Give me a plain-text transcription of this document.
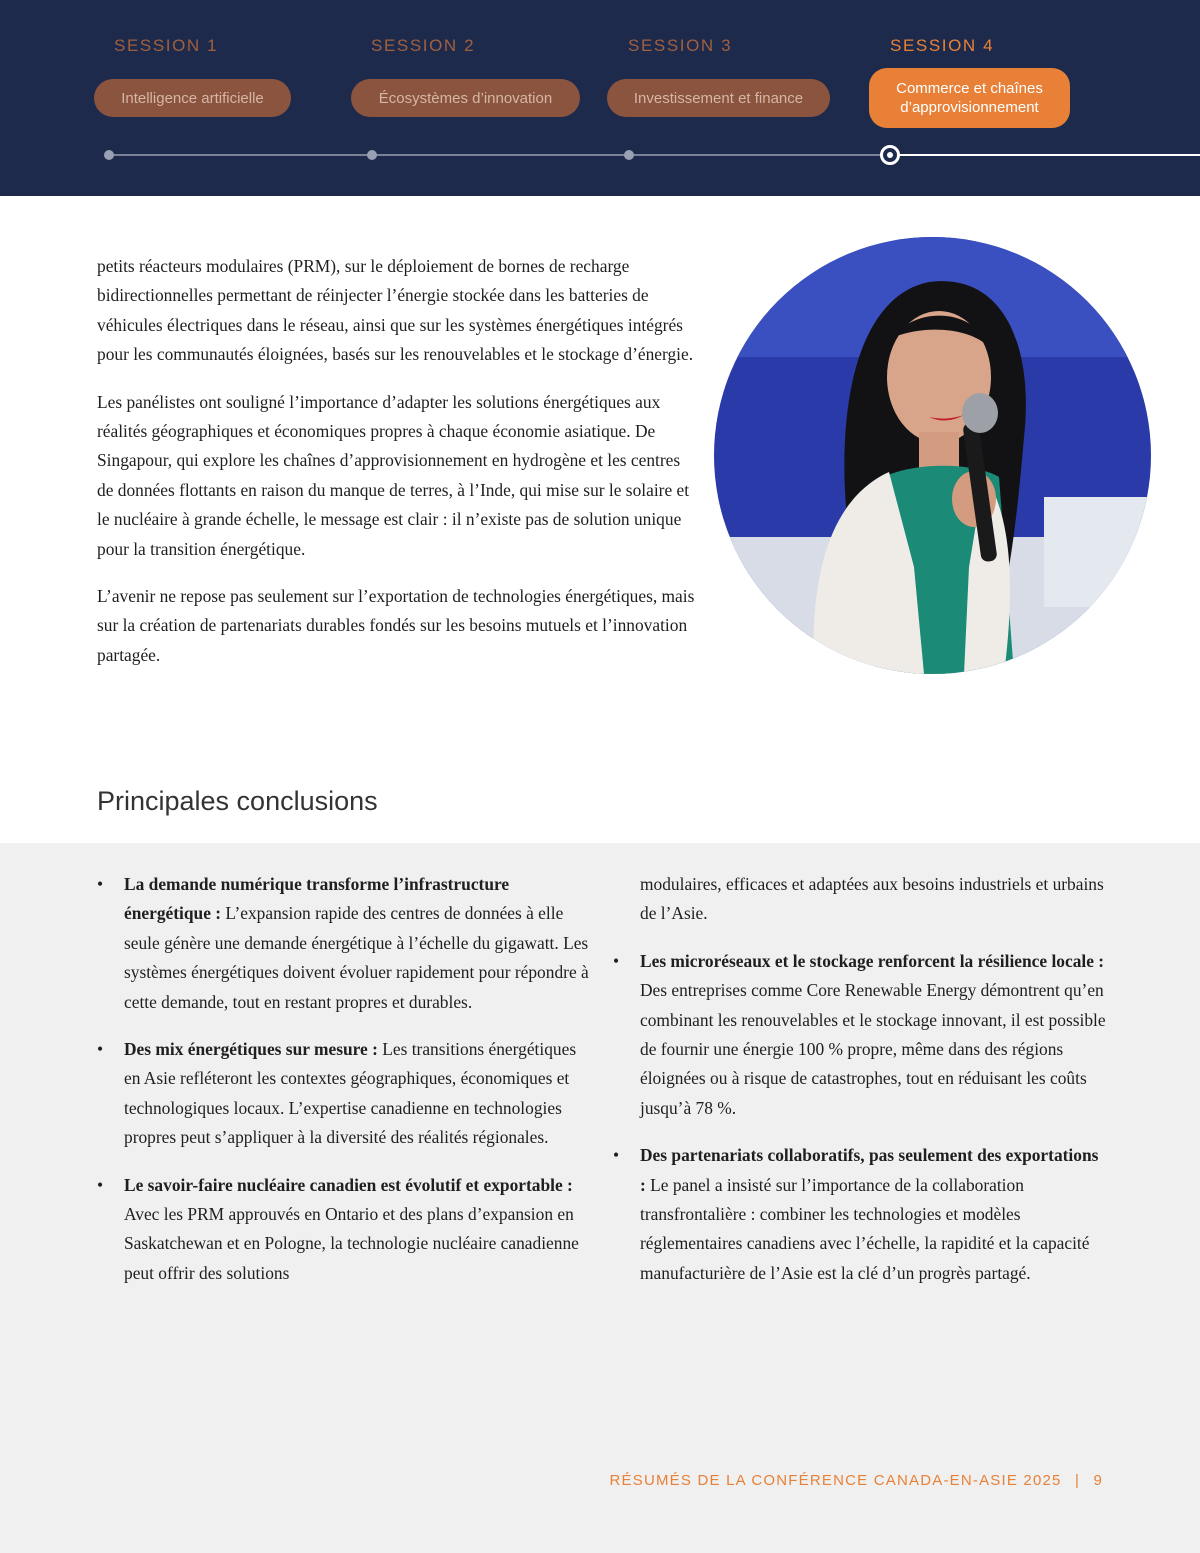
SESSION 1	SESSION 2	SESSION 3	SESSION 4
Intelligence artificielle	Écosystèmes d’innovation	Investissement et finance
Commerce et chaînes
d’approvisionnement

petits réacteurs modulaires (PRM), sur le déploiement de bornes de recharge bidirectionnelles permettant de réinjecter l’énergie stockée dans les batteries de véhicules électriques dans le réseau, ainsi que sur les systèmes énergétiques intégrés pour les communautés éloignées, basés sur les renouvelables et le stockage d’énergie.

Les panélistes ont souligné l’importance d’adapter les solutions énergétiques aux réalités géographiques et économiques propres à chaque économie asiatique. De Singapour, qui explore les chaînes d’approvisionnement en hydrogène et les centres de données flottants en raison du manque de terres, à l’Inde, qui mise sur le solaire et le nucléaire à grande échelle, le message est clair : il n’existe pas de solution unique pour la transition énergétique.

L’avenir ne repose pas seulement sur l’exportation de technologies énergétiques, mais sur la création de partenariats durables fondés sur les besoins mutuels et l’innovation partagée.

Principales conclusions
• La demande numérique transforme l’infrastructure énergétique : L’expansion rapide des centres de données à elle seule génère une demande énergétique à l’échelle du gigawatt. Les systèmes énergétiques doivent évoluer rapidement pour répondre à cette demande, tout en restant propres et durables.
• Des mix énergétiques sur mesure : Les transitions énergétiques en Asie refléteront les contextes géographiques, économiques et technologiques locaux. L’expertise canadienne en technologies propres peut s’appliquer à la diversité des réalités régionales.
• Le savoir-faire nucléaire canadien est évolutif et exportable : Avec les PRM approuvés en Ontario et des plans d’expansion en Saskatchewan et en Pologne, la technologie nucléaire canadienne peut offrir des solutions
modulaires, efficaces et adaptées aux besoins industriels et urbains de l’Asie.
• Les microréseaux et le stockage renforcent la résilience locale : Des entreprises comme Core Renewable Energy démontrent qu’en combinant les renouvelables et le stockage innovant, il est possible de fournir une énergie 100 % propre, même dans des régions éloignées ou à risque de catastrophes, tout en réduisant les coûts jusqu’à 78 %.
• Des partenariats collaboratifs, pas seulement des exportations : Le panel a insisté sur l’importance de la collaboration transfrontalière : combiner les technologies et modèles réglementaires canadiens avec l’échelle, la rapidité et la capacité manufacturière de l’Asie est la clé d’un progrès partagé.
RÉSUMÉS DE LA CONFÉRENCE CANADA-EN-ASIE 2025 | 9
